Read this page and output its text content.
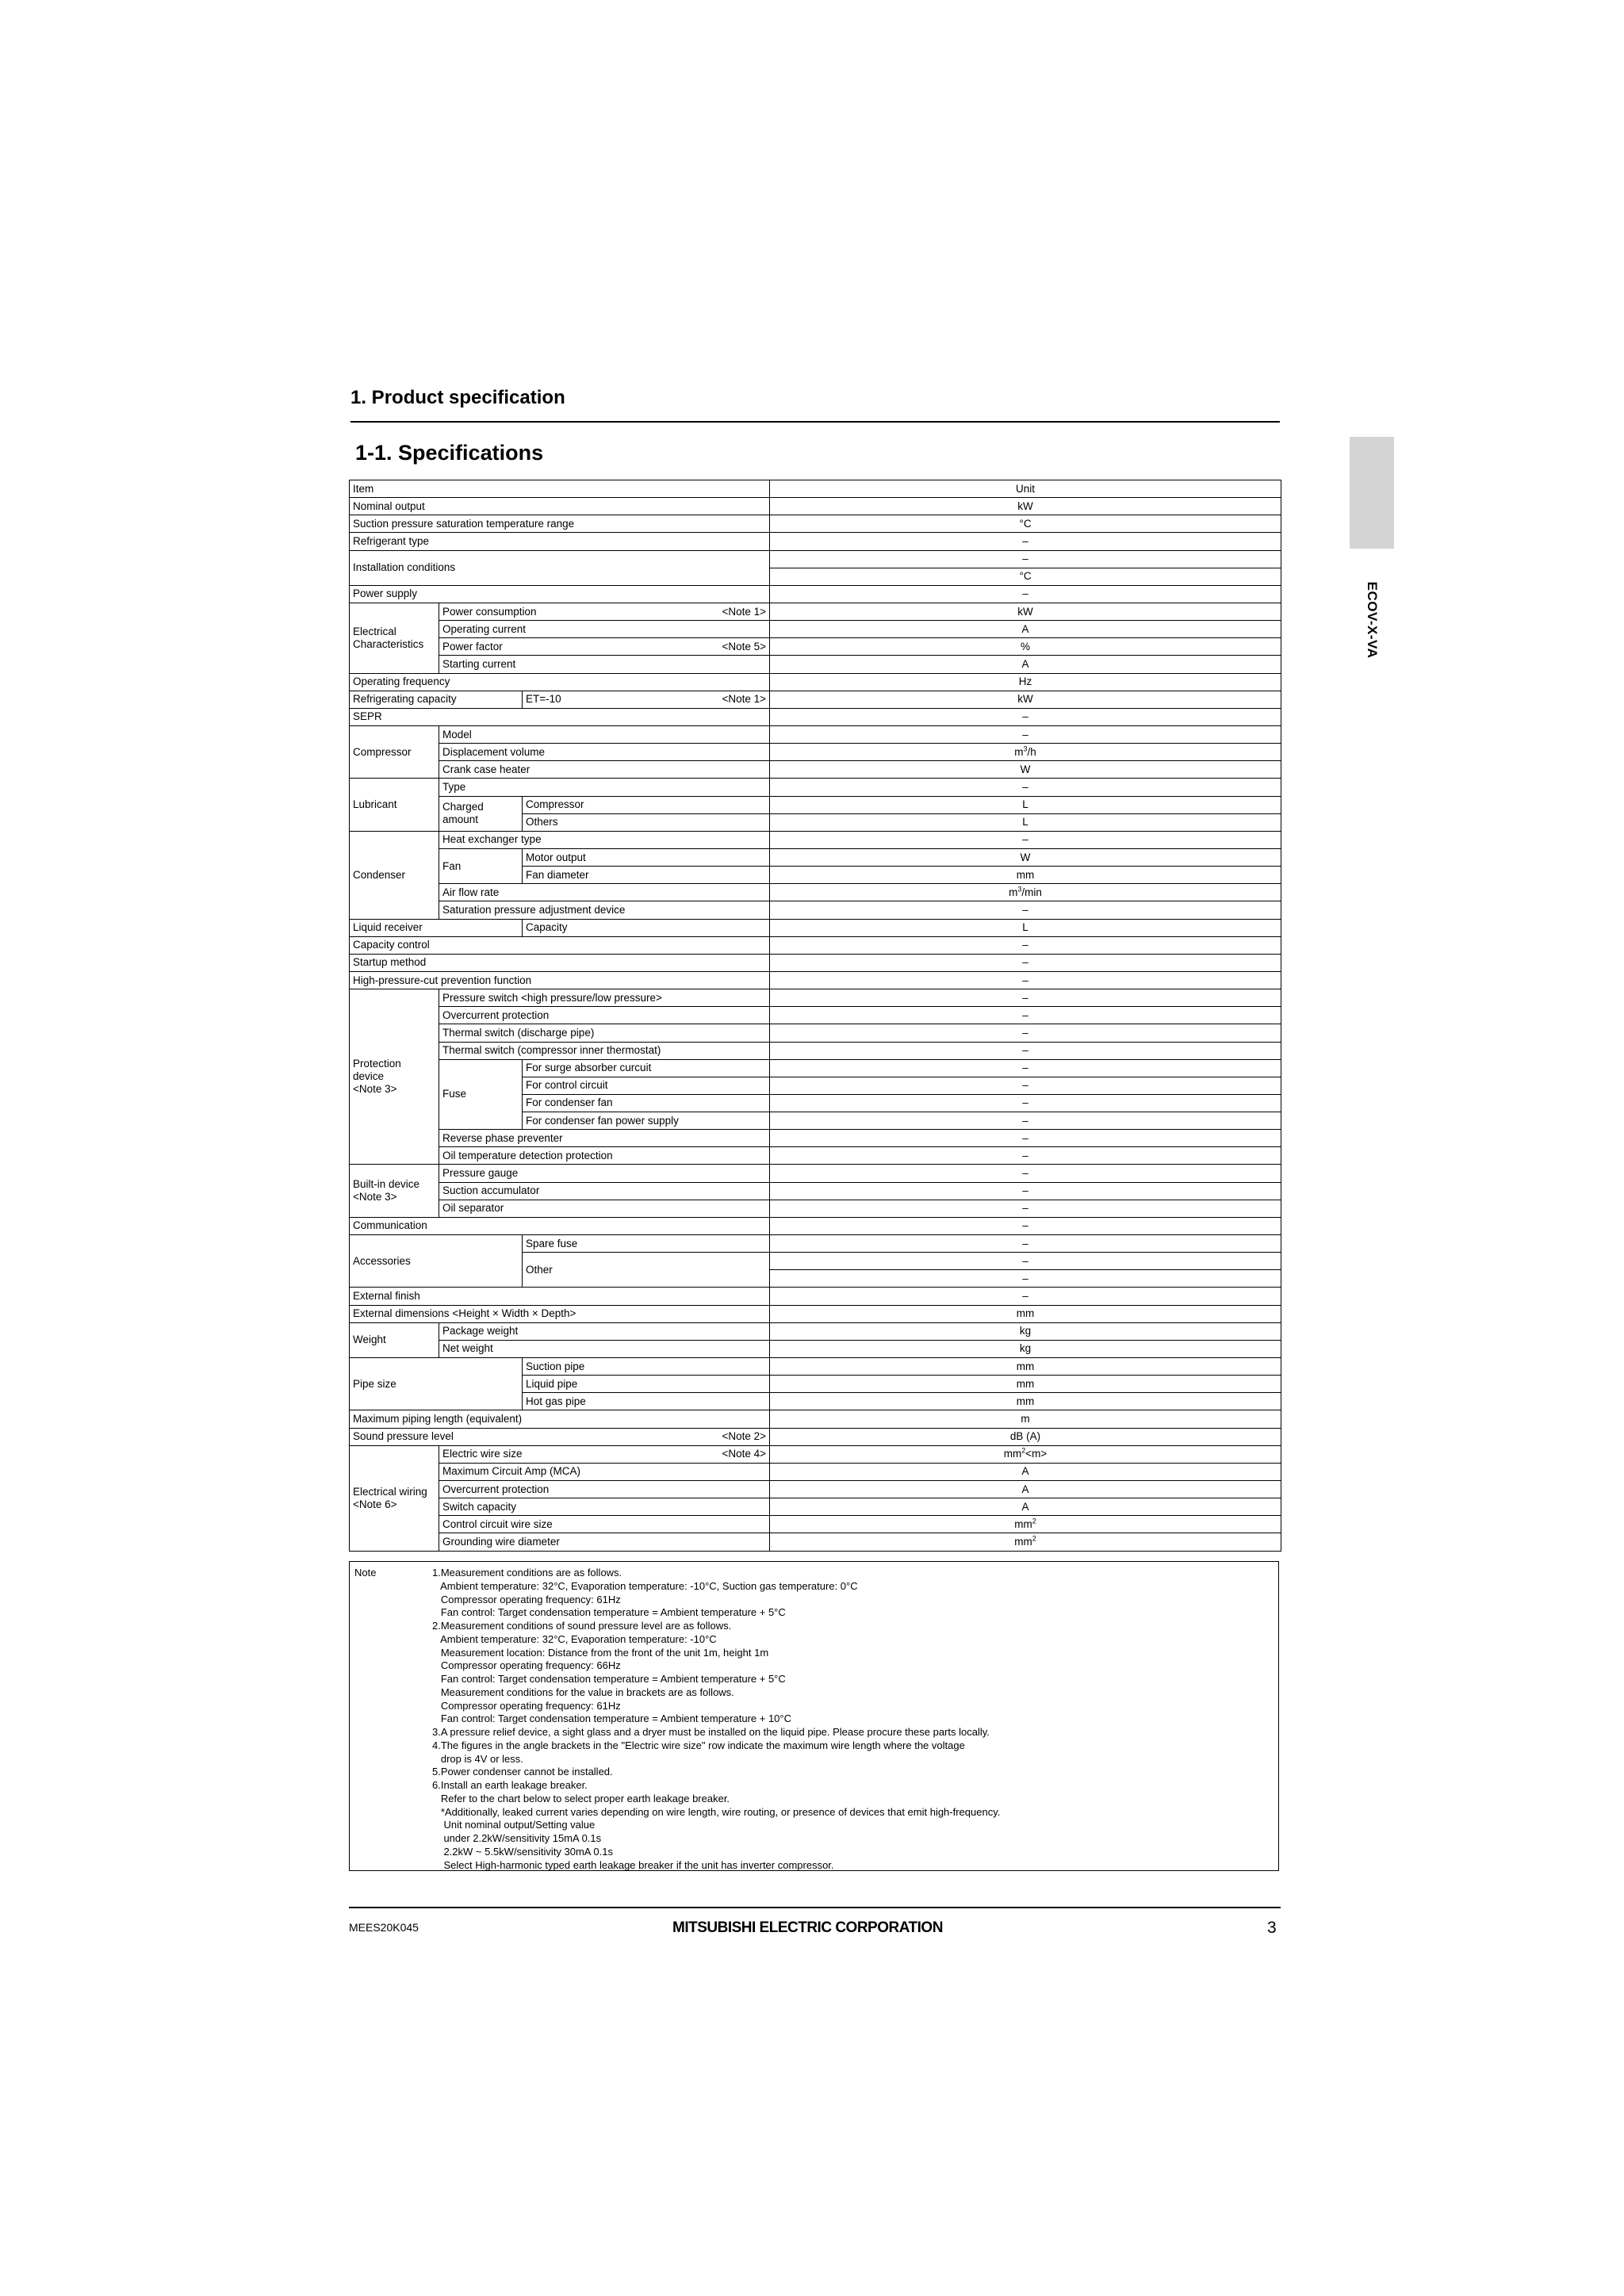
1. Product specification
1-1. Specifications
ECOV-X-VA
Item			Unit	
Nominal output			kW	
Suction pressure saturation temperature range			°C	
Refrigerant type			–	
Installation conditions			–	
			°C	
Power supply			–	
Electrical Characteristics	Power consumption <Note 1>		kW	
	Operating current		A	
	Power factor <Note 5>		%	
	Starting current		A	
Operating frequency			Hz	
Refrigerating capacity		ET=-10 <Note 1>	kW	
SEPR			–	
Compressor	Model		–	
	Displacement volume		$m^3/h$	
	Crank case heater		W	
Lubricant	Type		–	
	Charged amount	Compressor	L	
		Others	L	
Condenser	Heat exchanger type		–	
	Fan	Motor output	W	
		Fan diameter	mm	
	Air flow rate		$m^3/\min$	
	Saturation pressure adjustment device		–	
Liquid receiver		Capacity	L	
Capacity control			–	
Startup method			–	
High-pressure-cut prevention function			–	
Protection
device
<Note 3>	Pressure switch <high pressure/low pressure>		–	
	Overcurrent protection		–	
	Thermal switch (discharge pipe)		–	
	Thermal switch (compressor inner thermostat)		–	
	Fuse	For surge absorber curcuit	–	
		For control circuit	–	
		For condenser fan	–	
		For condenser fan power supply	–	
	Reverse phase preventer		–	
	Oil temperature detection protection		–	
Built-in device
<Note 3>	Pressure gauge		–	
	Suction accumulator		–	
	Oil separator		–	
Communication			–	
Accessories		Spare fuse	–	
		Other	–	
			–	
External finish			–	
External dimensions <Height × Width × Depth>			mm	
Weight	Package weight		kg	
	Net weight		kg	
Pipe size		Suction pipe	mm	
		Liquid pipe	mm	
		Hot gas pipe	mm	
Maximum piping length (equivalent)			m	
Sound pressure level <Note 2>			dB (A)	
Electrical wiring
<Note 6>	Electric wire size <Note 4>		$mm^2<m>$	
	Maximum Circuit Amp (MCA)		A	
	Overcurrent protection		A	
	Switch capacity		A	
	Control circuit wire size		$mm^2$	
	Grounding wire diameter		$mm^2$	
Note	1.Measurement conditions are as follows.
Ambient temperature: 32°C, Evaporation temperature: -10°C, Suction gas temperature: 0°C
Compressor operating frequency: 61Hz
Fan control: Target condensation temperature = Ambient temperature + 5°C
2.Measurement conditions of sound pressure level are as follows.
Ambient temperature: 32°C, Evaporation temperature: -10°C
Measurement location: Distance from the front of the unit 1m, height 1m
Compressor operating frequency: 66Hz
Fan control: Target condensation temperature = Ambient temperature + 5°C
Measurement conditions for the value in brackets are as follows.
Compressor operating frequency: 61Hz
Fan control: Target condensation temperature = Ambient temperature + 10°C
3.A pressure relief device, a sight glass and a dryer must be installed on the liquid pipe. Please procure these parts locally.
4.The figures in the angle brackets in the "Electric wire size" row indicate the maximum wire length where the voltage
drop is 4V or less.
5.Power condenser cannot be installed.
6.Install an earth leakage breaker.
Refer to the chart below to select proper earth leakage breaker.
*Additionally, leaked current varies depending on wire length, wire routing, or presence of devices that emit high-frequency.
Unit nominal output/Setting value
under 2.2kW/sensitivity 15mA 0.1s
2.2kW ~ 5.5kW/sensitivity 30mA 0.1s
Select High-harmonic typed earth leakage breaker if the unit has inverter compressor.
MEES20K045	MITSUBISHI ELECTRIC CORPORATION	3
